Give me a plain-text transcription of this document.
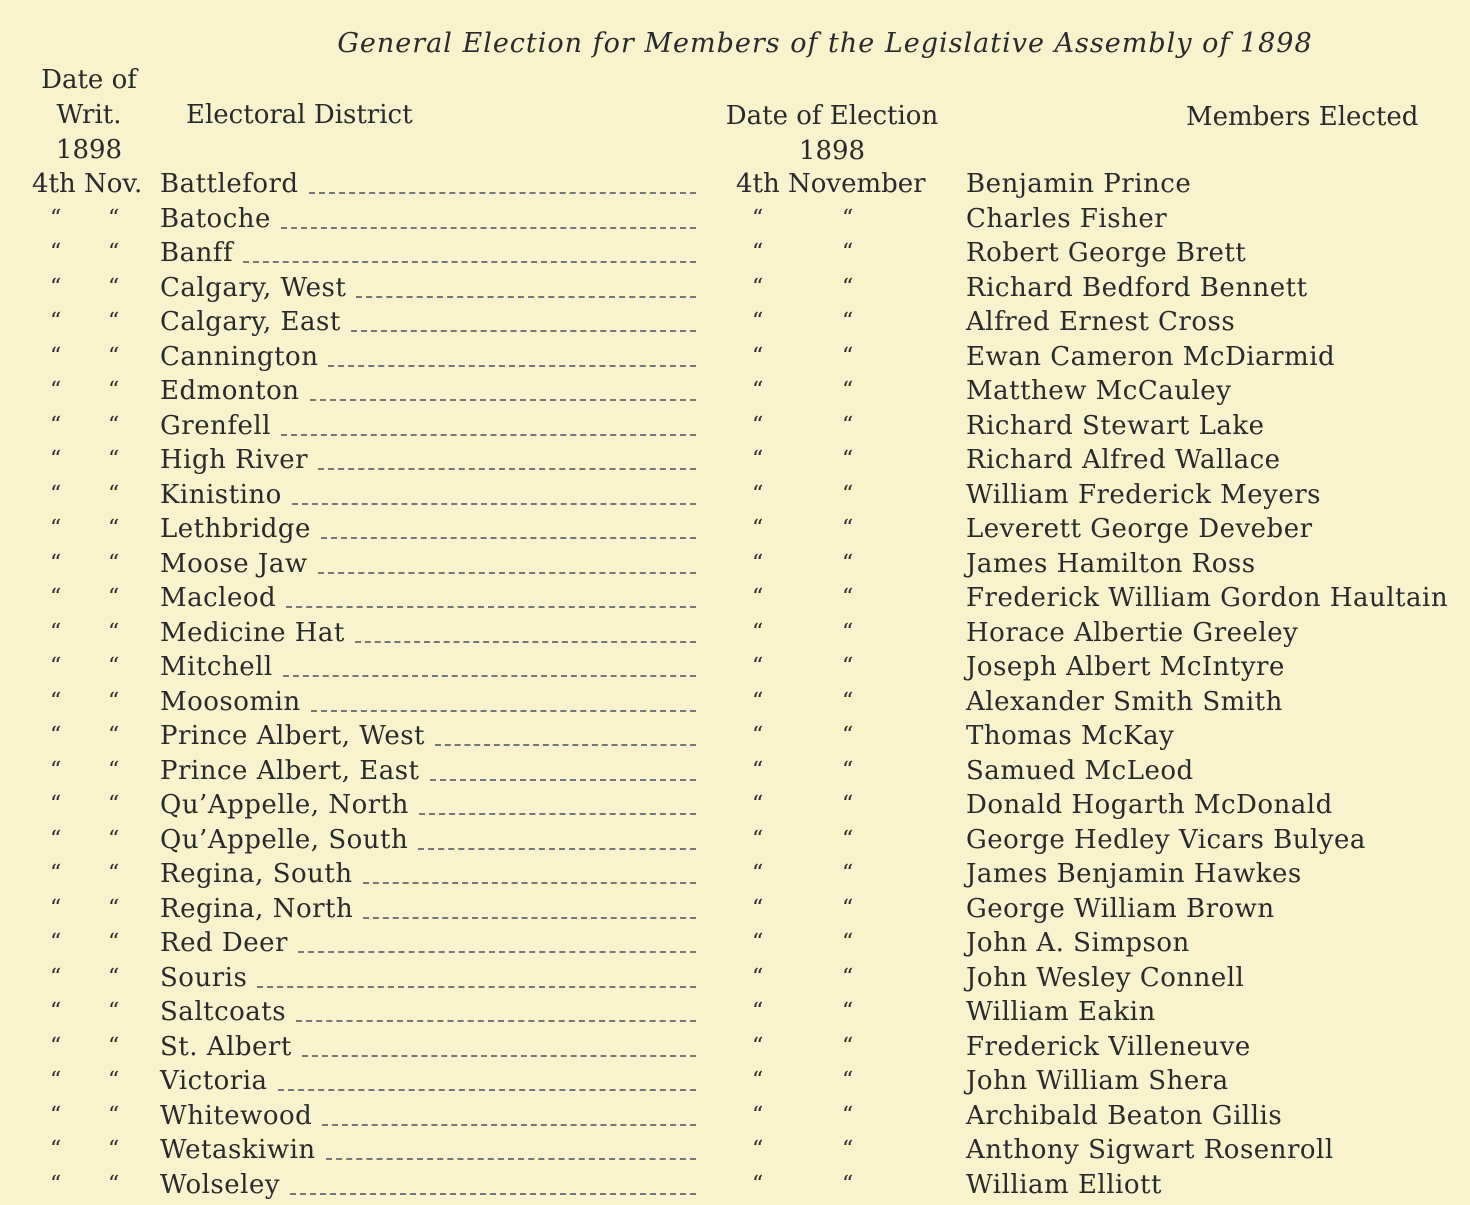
General Election for Members of the Legislative Assembly of 1898
Date of
Writ.
1898
Electoral District	Date of Election
1898
Members Elected
4th Nov. Battleford	4th November Benjamin Prince
“ “ Batoche	“	“	Charles Fisher
“ “ Banff	“	“	Robert George Brett
“ “ Calgary, West	“	“	Richard Bedford Bennett
“ “ Calgary, East	“	“	Alfred Ernest Cross
“ “ Cannington	“	“	Ewan Cameron McDiarmid
“ “ Edmonton	“	“	Matthew McCauley
“ “ Grenfell	“	“	Richard Stewart Lake
“ “ High River	“	“	Richard Alfred Wallace
“ “ Kinistino	“	“	William Frederick Meyers
“ “ Lethbridge	“	“	Leverett George Deveber
“ “ Moose Jaw	“	“	James Hamilton Ross
“ “ Macleod	“	“	Frederick William Gordon Haultain
“ “ Medicine Hat	“	“	Horace Albertie Greeley
“ “ Mitchell	“	“	Joseph Albert McIntyre
“ “ Moosomin	“	“	Alexander Smith Smith
“ “ Prince Albert, West	“	“	Thomas McKay
“ “ Prince Albert, East	“	“	Samued McLeod
“ “ Qu’Appelle, North	“	“	Donald Hogarth McDonald
“ “ Qu’Appelle, South	“	“	George Hedley Vicars Bulyea
“ “ Regina, South	“	“	James Benjamin Hawkes
“ “ Regina, North	“	“	George William Brown
“ “ Red Deer	“	“	John A. Simpson
“ “ Souris	“	“	John Wesley Connell
“ “ Saltcoats	“	“	William Eakin
“ “ St. Albert	“	“	Frederick Villeneuve
“ “ Victoria	“	“	John William Shera
“ “ Whitewood	“	“	Archibald Beaton Gillis
“ “ Wetaskiwin	“	“	Anthony Sigwart Rosenroll
“ “ Wolseley	“	“	William Elliott
